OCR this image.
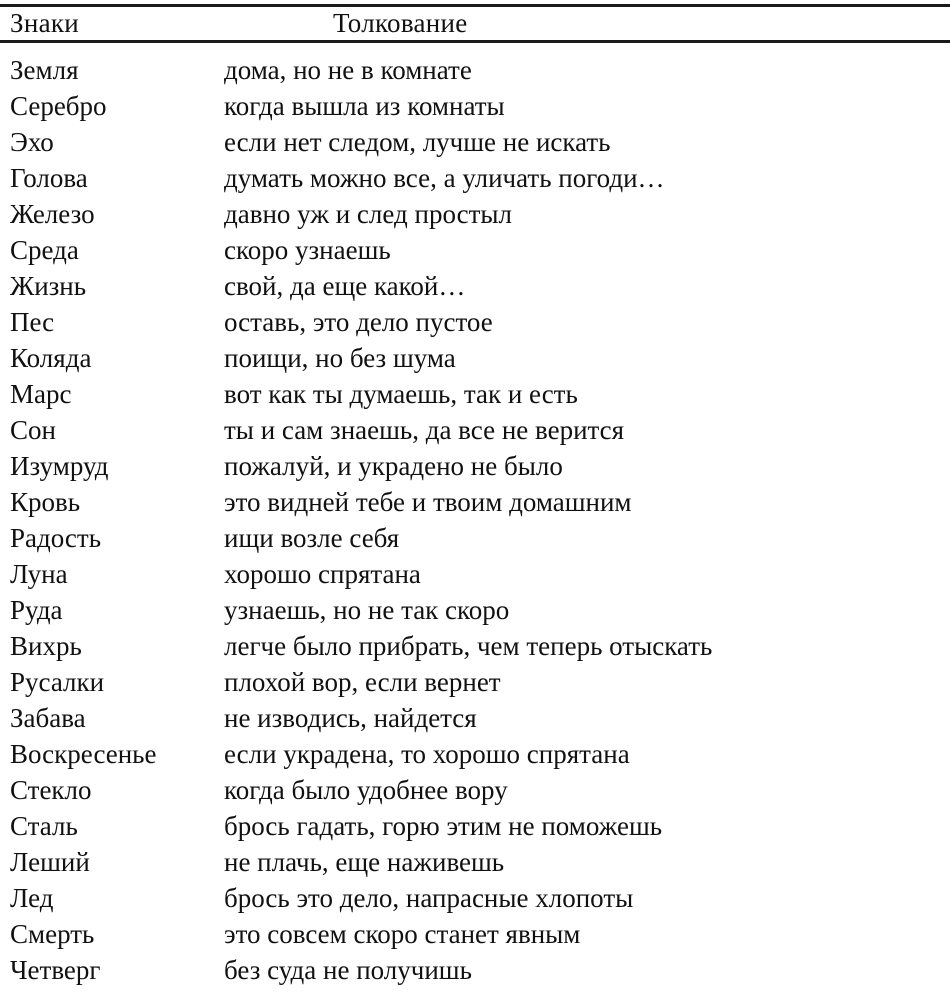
Знаки	Толкование
Земля	дома, но не в комнате
Серебро	когда вышла из комнаты
Эхо	если нет следом, лучше не искать
Голова	думать можно все, а уличать погоди…
Железо	давно уж и след простыл
Среда	скоро узнаешь
Жизнь	свой, да еще какой…
Пес	оставь, это дело пустое
Коляда	поищи, но без шума
Марс	вот как ты думаешь, так и есть
Сон	ты и сам знаешь, да все не верится
Изумруд	пожалуй, и украдено не было
Кровь	это видней тебе и твоим домашним
Радость	ищи возле себя
Луна	хорошо спрятана
Руда	узнаешь, но не так скоро
Вихрь	легче было прибрать, чем теперь отыскать
Русалки	плохой вор, если вернет
Забава	не изводись, найдется
Воскресенье	если украдена, то хорошо спрятана
Стекло	когда было удобнее вору
Сталь	брось гадать, горю этим не поможешь
Леший	не плачь, еще наживешь
Лед	брось это дело, напрасные хлопоты
Смерть	это совсем скоро станет явным
Четверг	без суда не получишь
